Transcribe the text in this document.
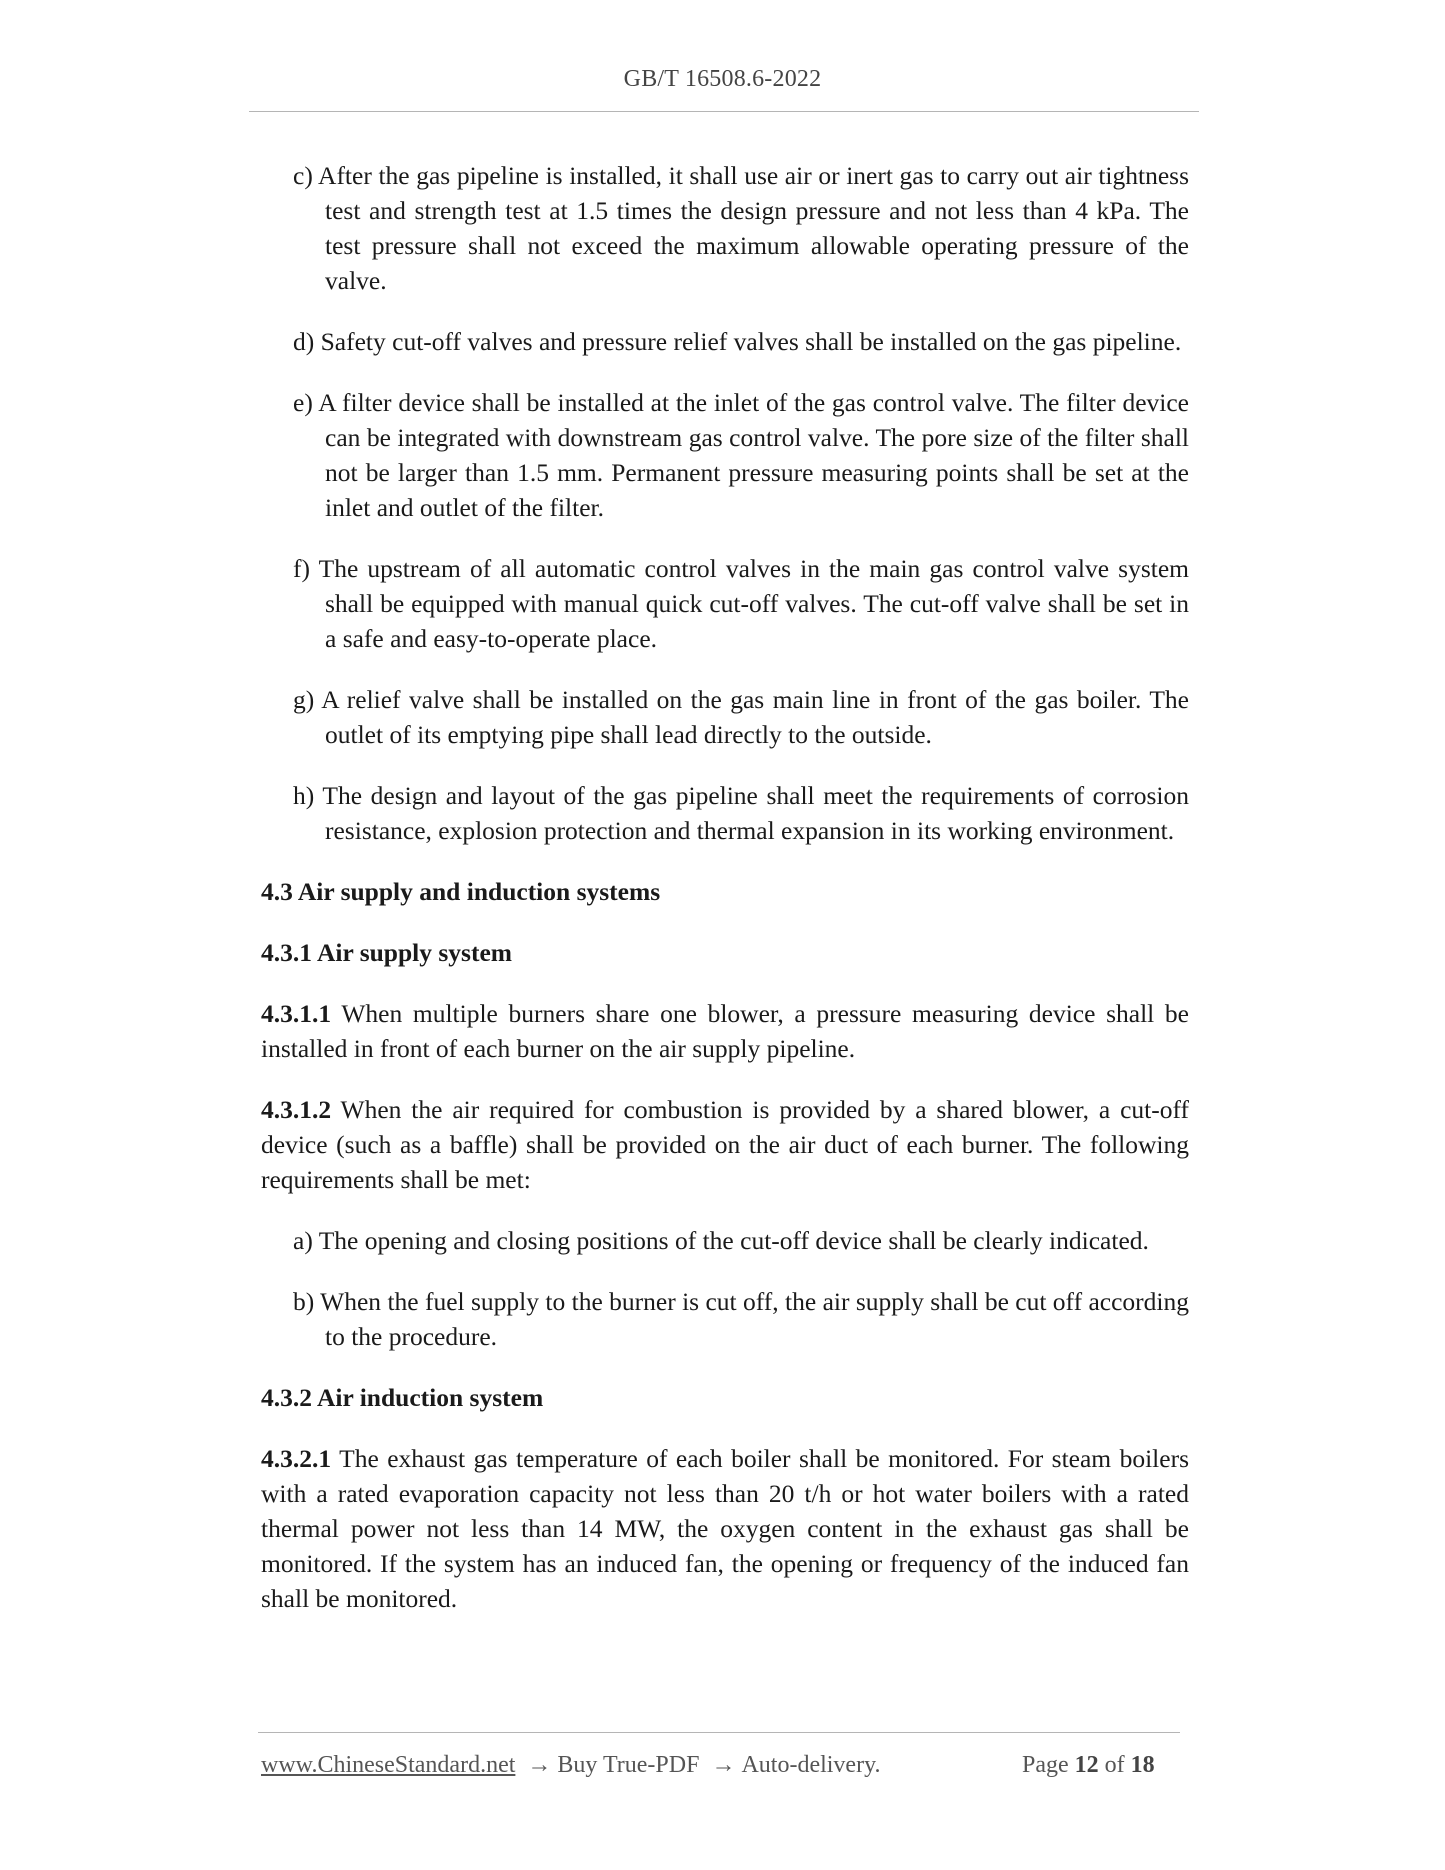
GB/T 16508.6-2022
c) After the gas pipeline is installed, it shall use air or inert gas to carry out air tightness test and strength test at 1.5 times the design pressure and not less than 4 kPa. The test pressure shall not exceed the maximum allowable operating pressure of the valve.
d) Safety cut-off valves and pressure relief valves shall be installed on the gas pipeline.
e) A filter device shall be installed at the inlet of the gas control valve. The filter device can be integrated with downstream gas control valve. The pore size of the filter shall not be larger than 1.5 mm. Permanent pressure measuring points shall be set at the inlet and outlet of the filter.
f) The upstream of all automatic control valves in the main gas control valve system shall be equipped with manual quick cut-off valves. The cut-off valve shall be set in a safe and easy-to-operate place.
g) A relief valve shall be installed on the gas main line in front of the gas boiler. The outlet of its emptying pipe shall lead directly to the outside.
h) The design and layout of the gas pipeline shall meet the requirements of corrosion resistance, explosion protection and thermal expansion in its working environment.
4.3 Air supply and induction systems
4.3.1 Air supply system
4.3.1.1 When multiple burners share one blower, a pressure measuring device shall be installed in front of each burner on the air supply pipeline.
4.3.1.2 When the air required for combustion is provided by a shared blower, a cut-off device (such as a baffle) shall be provided on the air duct of each burner. The following requirements shall be met:
a) The opening and closing positions of the cut-off device shall be clearly indicated.
b) When the fuel supply to the burner is cut off, the air supply shall be cut off according to the procedure.
4.3.2 Air induction system
4.3.2.1 The exhaust gas temperature of each boiler shall be monitored. For steam boilers with a rated evaporation capacity not less than 20 t/h or hot water boilers with a rated thermal power not less than 14 MW, the oxygen content in the exhaust gas shall be monitored. If the system has an induced fan, the opening or frequency of the induced fan shall be monitored.
www.ChineseStandard.net → Buy True-PDF → Auto-delivery.	Page 12 of 18
